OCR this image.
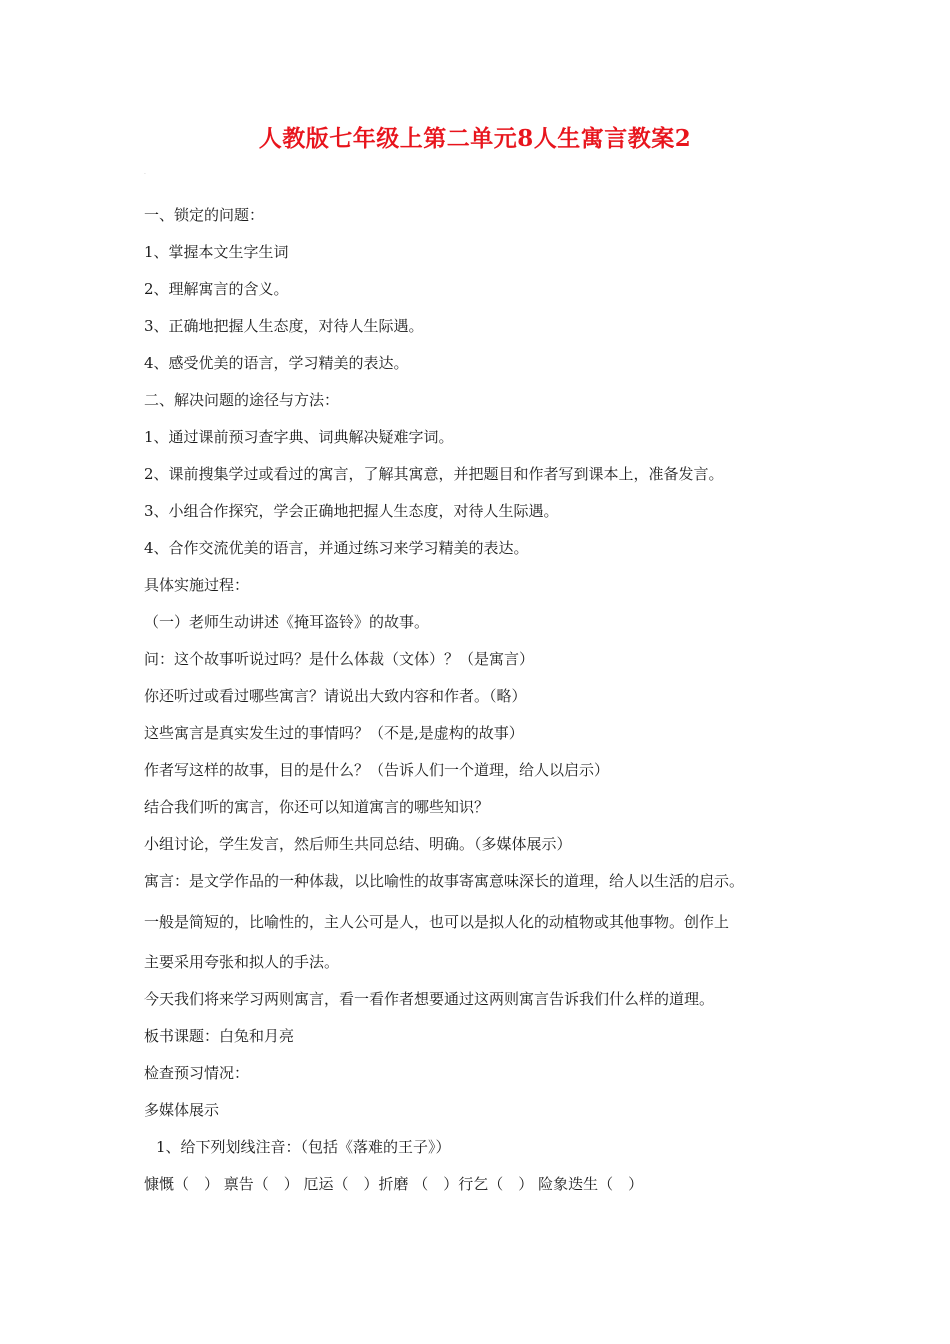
人教版七年级上第二单元8人生寓言教案2
·

一、锁定的问题：

1、掌握本文生字生词

2、理解寓言的含义。

3、正确地把握人生态度，对待人生际遇。

4、感受优美的语言，学习精美的表达。

二、解决问题的途径与方法：

1、通过课前预习查字典、词典解决疑难字词。

2、课前搜集学过或看过的寓言，了解其寓意，并把题目和作者写到课本上，准备发言。

3、小组合作探究，学会正确地把握人生态度，对待人生际遇。

4、合作交流优美的语言，并通过练习来学习精美的表达。

具体实施过程：

（一）老师生动讲述《掩耳盗铃》的故事。

问：这个故事听说过吗？是什么体裁（文体）？（是寓言）

你还听过或看过哪些寓言？请说出大致内容和作者。（略）

这些寓言是真实发生过的事情吗？（不是,是虚构的故事）

作者写这样的故事，目的是什么？（告诉人们一个道理，给人以启示）

结合我们听的寓言，你还可以知道寓言的哪些知识？

小组讨论，学生发言，然后师生共同总结、明确。（多媒体展示）

寓言：是文学作品的一种体裁，以比喻性的故事寄寓意味深长的道理，给人以生活的启示。

一般是简短的，比喻性的，主人公可是人，也可以是拟人化的动植物或其他事物。创作上

主要采用夸张和拟人的手法。

今天我们将来学习两则寓言，看一看作者想要通过这两则寓言告诉我们什么样的道理。

板书课题：白兔和月亮

检查预习情况：

多媒体展示

1、给下列划线注音：（包括《落难的王子》）

慷慨（　） 禀告（　） 厄运（　）折磨 （　）行乞（　） 险象迭生（　）
